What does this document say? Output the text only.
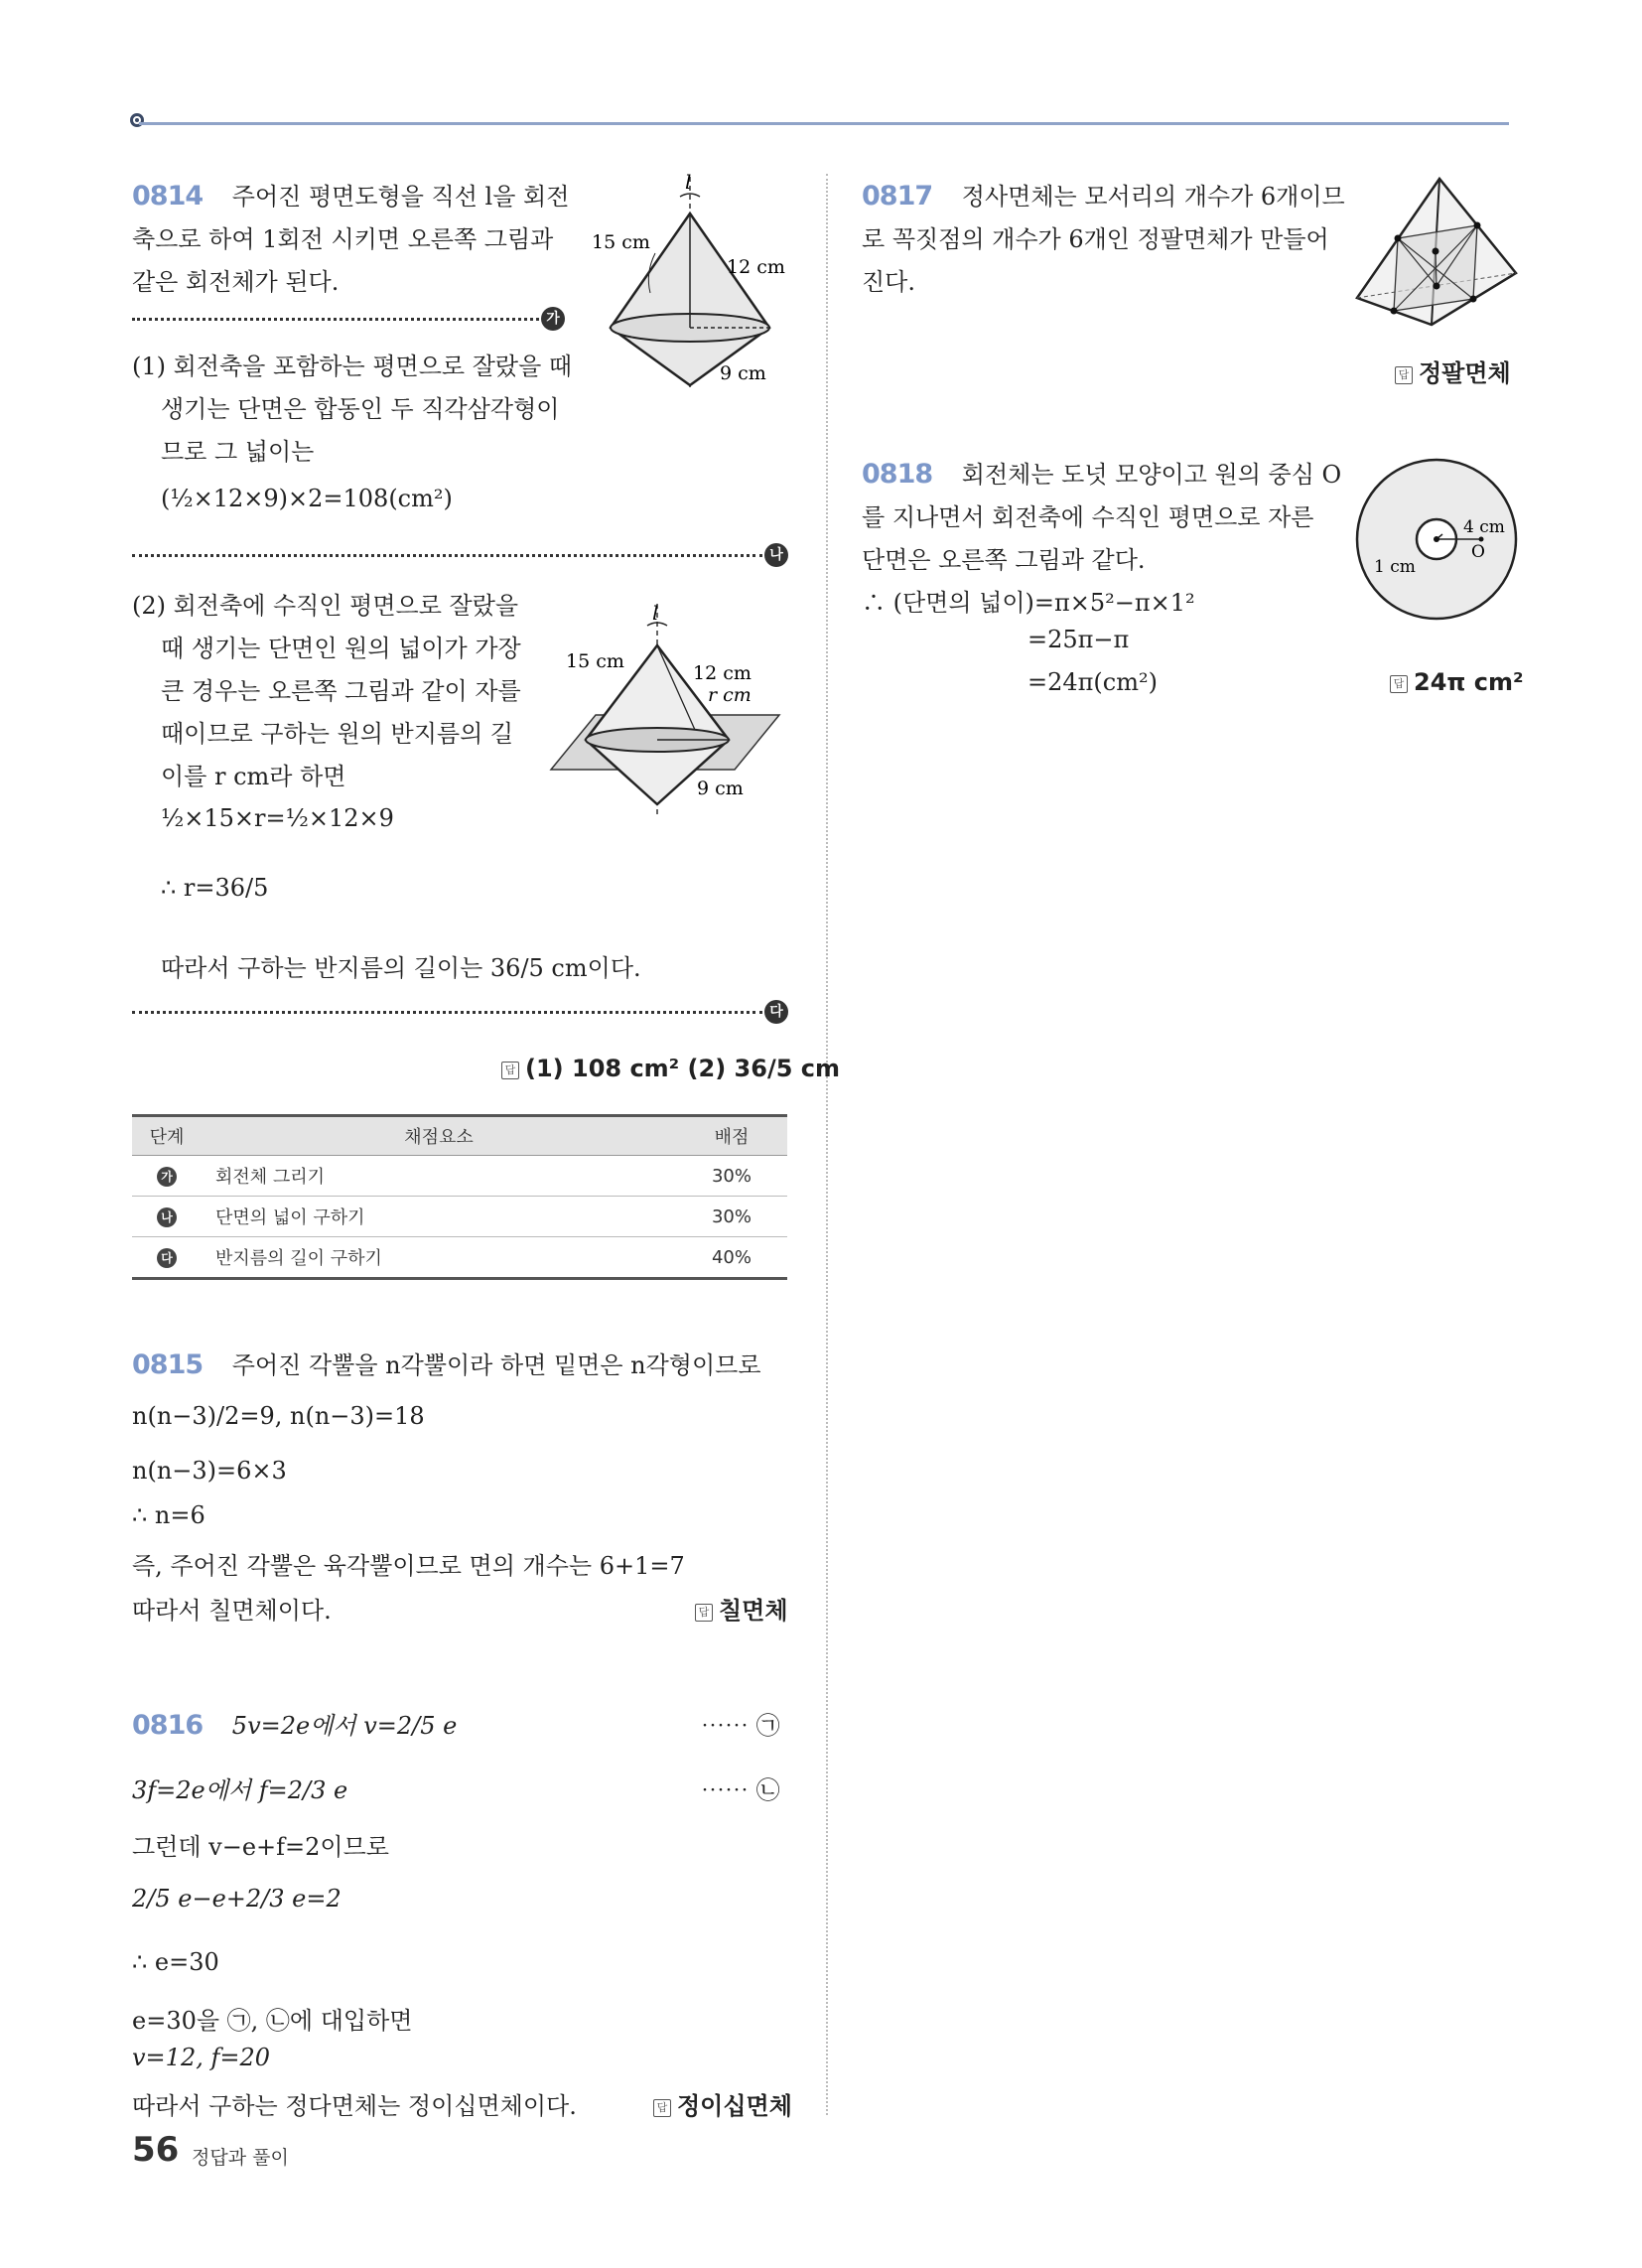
0814 주어진 평면도형을 직선 l을 회전
축으로 하여 1회전 시키면 오른쪽 그림과
같은 회전체가 된다.
가
l
15 cm
12 cm
9 cm
(1) 회전축을 포함하는 평면으로 잘랐을 때
생기는 단면은 합동인 두 직각삼각형이
므로 그 넓이는
(½×12×9)×2=108(cm²)
나
(2) 회전축에 수직인 평면으로 잘랐을
때 생기는 단면인 원의 넓이가 가장
큰 경우는 오른쪽 그림과 같이 자를
때이므로 구하는 원의 반지름의 길
이를 r cm라 하면
l
15 cm
12 cm
r cm
9 cm
½×15×r=½×12×9
∴ r=36/5
따라서 구하는 반지름의 길이는 36/5 cm이다.
다
답 (1) 108 cm² (2) 36/5 cm
단계	채점요소	배점
가	회전체 그리기	30%
나	단면의 넓이 구하기	30%
다	반지름의 길이 구하기	40%
0815 주어진 각뿔을 n각뿔이라 하면 밑면은 n각형이므로
n(n−3)/2=9, n(n−3)=18
n(n−3)=6×3
∴ n=6
즉, 주어진 각뿔은 육각뿔이므로 면의 개수는 6+1=7
따라서 칠면체이다.	답 칠면체
0816 5v=2e에서 v=2/5 e	⋯⋯ ㉠
3f=2e에서 f=2/3 e	⋯⋯ ㉡
그런데 v−e+f=2이므로
2/5 e−e+2/3 e=2
∴ e=30
e=30을 ㉠, ㉡에 대입하면
v=12, f=20
따라서 구하는 정다면체는 정이십면체이다.	답 정이십면체
0817 정사면체는 모서리의 개수가 6개이므
로 꼭짓점의 개수가 6개인 정팔면체가 만들어
진다.
답 정팔면체
0818 회전체는 도넛 모양이고 원의 중심 O
를 지나면서 회전축에 수직인 평면으로 자른
단면은 오른쪽 그림과 같다.
∴ (단면의 넓이)=π×5²−π×1²
=25π−π
=24π(cm²)
4 cm
1 cm
O
답 24π cm²
56 정답과 풀이
